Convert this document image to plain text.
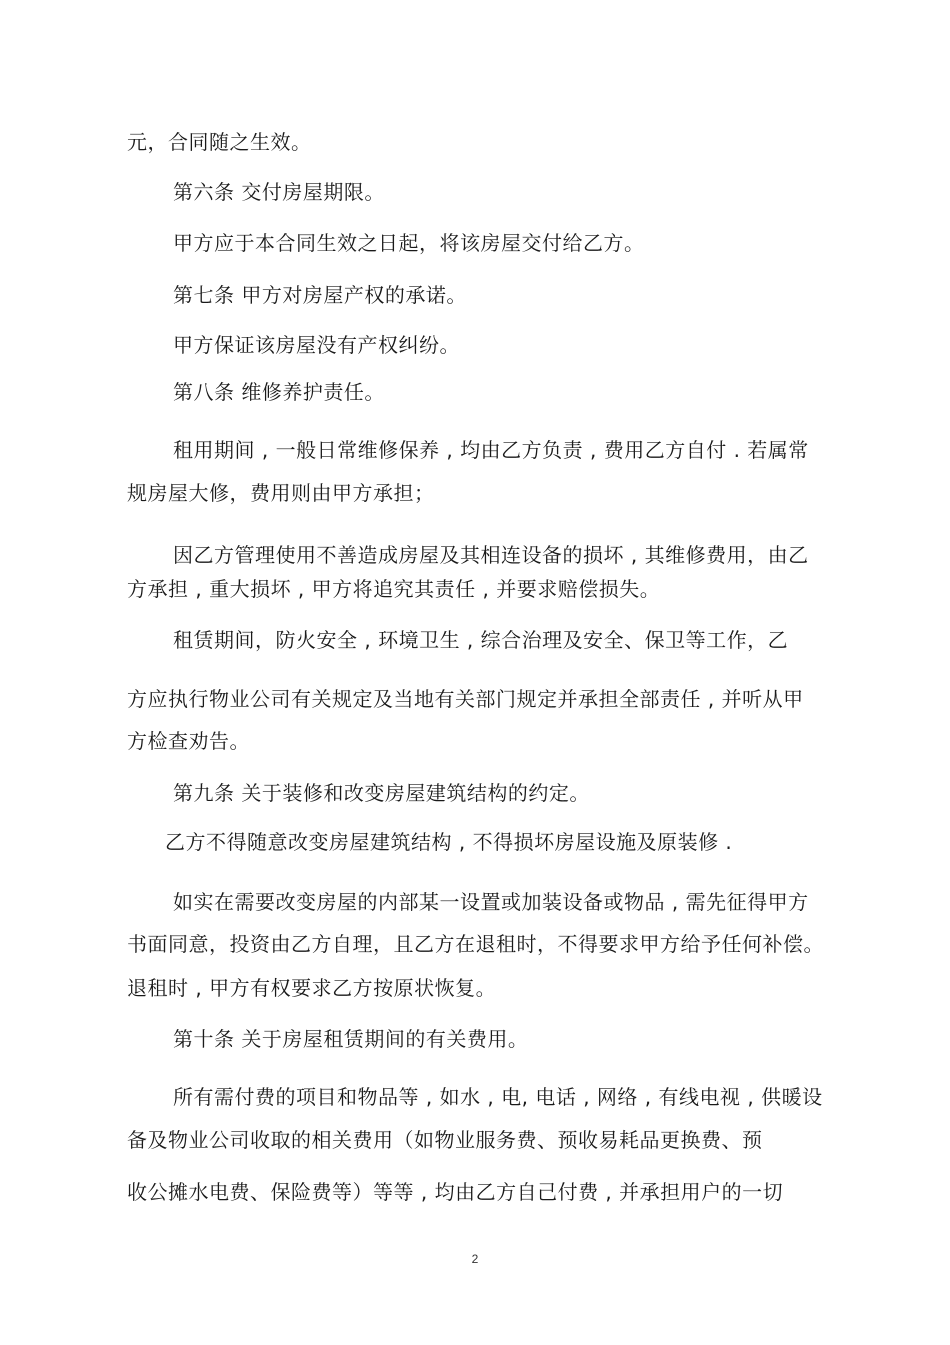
元，合同随之生效。
第六条 交付房屋期限。
甲方应于本合同生效之日起，将该房屋交付给乙方。
第七条 甲方对房屋产权的承诺。
甲方保证该房屋没有产权纠纷。
第八条 维修养护责任。
租用期间 , 一般日常维修保养 , 均由乙方负责 , 费用乙方自付 . 若属常
规房屋大修，费用则由甲方承担；
因乙方管理使用不善造成房屋及其相连设备的损坏 , 其维修费用，由乙
方承担 , 重大损坏 , 甲方将追究其责任 , 并要求赔偿损失。
租赁期间，防火安全 , 环境卫生 , 综合治理及安全、保卫等工作，乙
方应执行物业公司有关规定及当地有关部门规定并承担全部责任 , 并听从甲
方检查劝告。
第九条 关于装修和改变房屋建筑结构的约定。
乙方不得随意改变房屋建筑结构 , 不得损坏房屋设施及原装修 .
如实在需要改变房屋的内部某一设置或加装设备或物品 , 需先征得甲方
书面同意，投资由乙方自理，且乙方在退租时，不得要求甲方给予任何补偿。
退租时 , 甲方有权要求乙方按原状恢复。
第十条 关于房屋租赁期间的有关费用。
所有需付费的项目和物品等 , 如水 , 电, 电话 , 网络 , 有线电视 , 供暖设
备及物业公司收取的相关费用（如物业服务费、预收易耗品更换费、预
收公摊水电费、保险费等）等等 , 均由乙方自己付费 , 并承担用户的一切
2
